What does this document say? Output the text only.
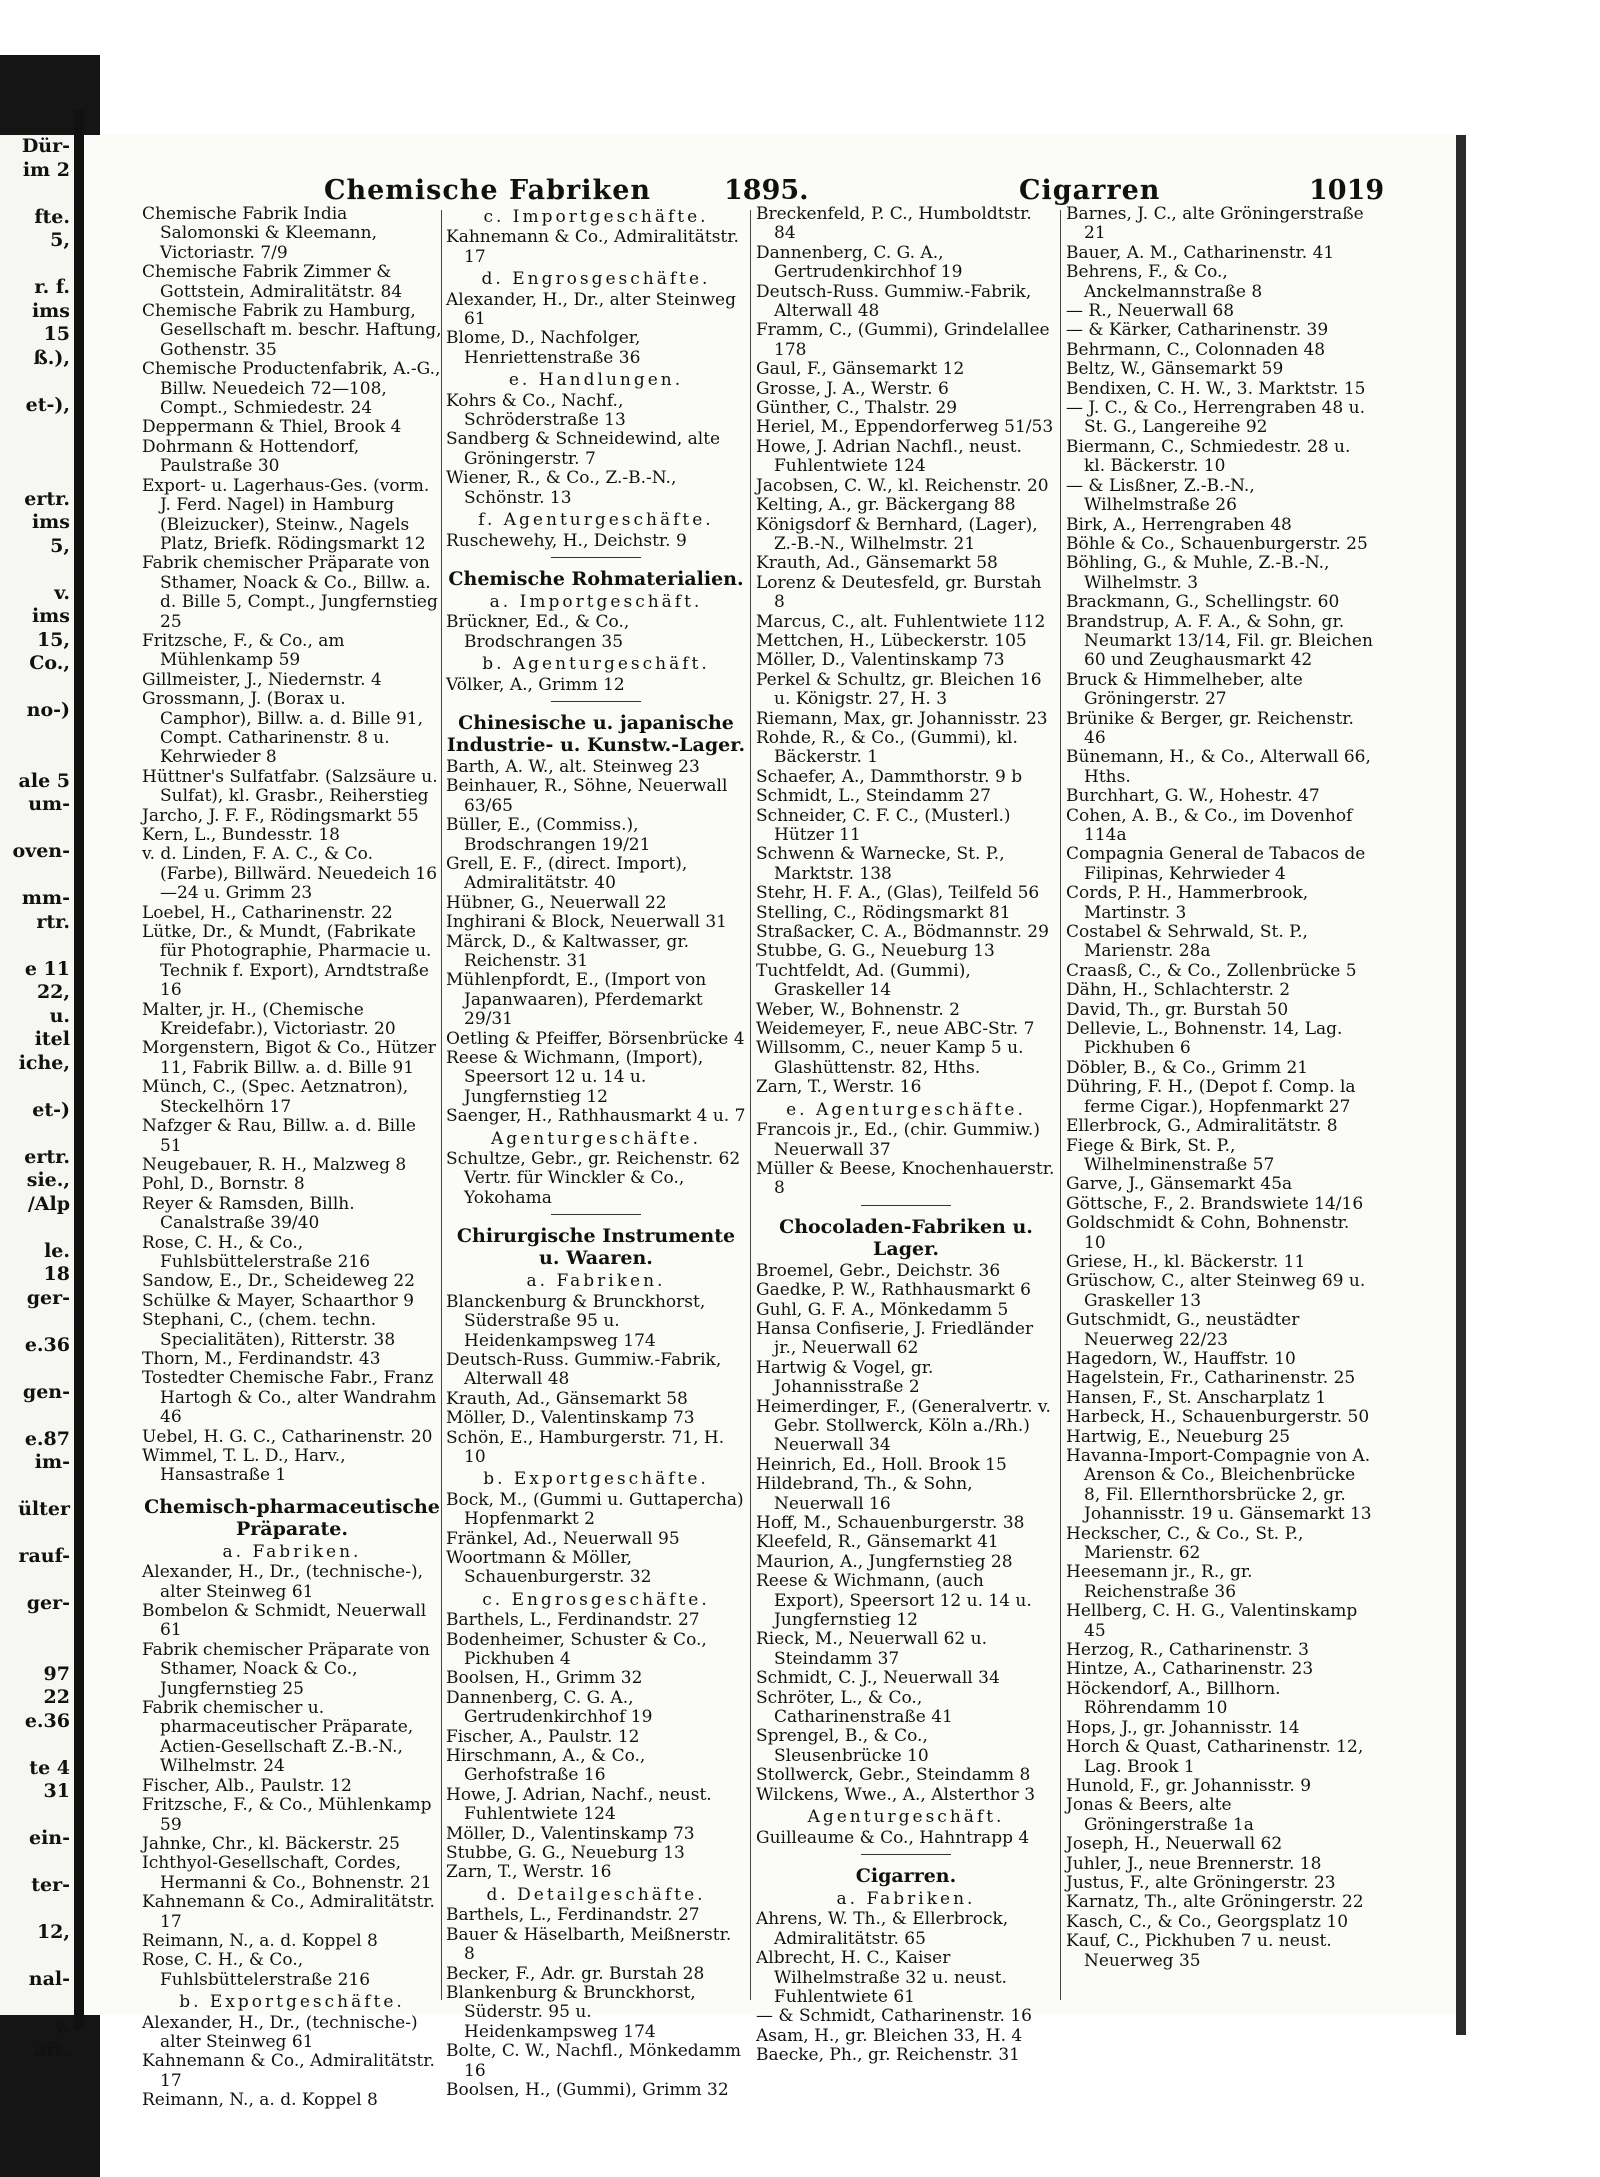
Dür-
im 2

fte.
5,

r. f.
ims
15
ß.),

et-),

ertr.
ims
5,

v.
ims
15,
Co.,

no-)

ale 5
um-

oven-

mm-
rtr.

e 11
22,
u.
itel
iche,

et-)

ertr.
sie.,
/Alp

le.
18
ger-

e.36

gen-

e.87
im-

ülter

rauf-

ger-

97
22
e.36

te 4
31

ein-

ter-

12,

nal-

y.
aft.

Chemische Fabriken	1895.	Cigarren	1019

Chemische Fabrik India Salomonski & Kleemann, Victoriastr. 7/9

Chemische Fabrik Zimmer & Gottstein, Admiralitätstr. 84

Chemische Fabrik zu Hamburg, Gesellschaft m. beschr. Haftung, Gothenstr. 35

Chemische Productenfabrik, A.-G., Billw. Neuedeich 72—108, Compt., Schmiedestr. 24

Deppermann & Thiel, Brook 4

Dohrmann & Hottendorf, Paulstraße 30

Export- u. Lagerhaus-Ges. (vorm. J. Ferd. Nagel) in Hamburg (Bleizucker), Steinw., Nagels Platz, Briefk. Rödingsmarkt 12

Fabrik chemischer Präparate von Sthamer, Noack & Co., Billw. a. d. Bille 5, Compt., Jungfernstieg 25

Fritzsche, F., & Co., am Mühlenkamp 59

Gillmeister, J., Niedernstr. 4

Grossmann, J. (Borax u. Camphor), Billw. a. d. Bille 91, Compt. Catharinenstr. 8 u. Kehrwieder 8

Hüttner's Sulfatfabr. (Salzsäure u. Sulfat), kl. Grasbr., Reiherstieg

Jarcho, J. F. F., Rödingsmarkt 55

Kern, L., Bundesstr. 18

v. d. Linden, F. A. C., & Co. (Farbe), Billwärd. Neuedeich 16—24 u. Grimm 23

Loebel, H., Catharinenstr. 22

Lütke, Dr., & Mundt, (Fabrikate für Photographie, Pharmacie u. Technik f. Export), Arndtstraße 16

Malter, jr. H., (Chemische Kreidefabr.), Victoriastr. 20

Morgenstern, Bigot & Co., Hützer 11, Fabrik Billw. a. d. Bille 91

Münch, C., (Spec. Aetznatron), Steckelhörn 17

Nafzger & Rau, Billw. a. d. Bille 51

Neugebauer, R. H., Malzweg 8

Pohl, D., Bornstr. 8

Reyer & Ramsden, Billh. Canalstraße 39/40

Rose, C. H., & Co., Fuhlsbüttelerstraße 216

Sandow, E., Dr., Scheideweg 22

Schülke & Mayer, Schaarthor 9

Stephani, C., (chem. techn. Specialitäten), Ritterstr. 38

Thorn, M., Ferdinandstr. 43

Tostedter Chemische Fabr., Franz Hartogh & Co., alter Wandrahm 46

Uebel, H. G. C., Catharinenstr. 20

Wimmel, T. L. D., Harv., Hansastraße 1

Chemisch-pharmaceutische Präparate.

a. Fabriken.

Alexander, H., Dr., (technische-), alter Steinweg 61

Bombelon & Schmidt, Neuerwall 61

Fabrik chemischer Präparate von Sthamer, Noack & Co., Jungfernstieg 25

Fabrik chemischer u. pharmaceutischer Präparate, Actien-Gesellschaft Z.-B.-N., Wilhelmstr. 24

Fischer, Alb., Paulstr. 12

Fritzsche, F., & Co., Mühlenkamp 59

Jahnke, Chr., kl. Bäckerstr. 25

Ichthyol-Gesellschaft, Cordes, Hermanni & Co., Bohnenstr. 21

Kahnemann & Co., Admiralitätstr. 17

Reimann, N., a. d. Koppel 8

Rose, C. H., & Co., Fuhlsbüttelerstraße 216

b. Exportgeschäfte.

Alexander, H., Dr., (technische-) alter Steinweg 61

Kahnemann & Co., Admiralitätstr. 17

Reimann, N., a. d. Koppel 8

c. Importgeschäfte.

Kahnemann & Co., Admiralitätstr. 17

d. Engrosgeschäfte.

Alexander, H., Dr., alter Steinweg 61

Blome, D., Nachfolger, Henriettenstraße 36

e. Handlungen.

Kohrs & Co., Nachf., Schröderstraße 13

Sandberg & Schneidewind, alte Gröningerstr. 7

Wiener, R., & Co., Z.-B.-N., Schönstr. 13

f. Agenturgeschäfte.

Ruschewehy, H., Deichstr. 9

Chemische Rohmaterialien.

a. Importgeschäft.

Brückner, Ed., & Co., Brodschrangen 35

b. Agenturgeschäft.

Völker, A., Grimm 12

Chinesische u. japanische Industrie- u. Kunstw.-Lager.

Barth, A. W., alt. Steinweg 23

Beinhauer, R., Söhne, Neuerwall 63/65

Büller, E., (Commiss.), Brodschrangen 19/21

Grell, E. F., (direct. Import), Admiralitätstr. 40

Hübner, G., Neuerwall 22

Inghirani & Block, Neuerwall 31

Märck, D., & Kaltwasser, gr. Reichenstr. 31

Mühlenpfordt, E., (Import von Japanwaaren), Pferdemarkt 29/31

Oetling & Pfeiffer, Börsenbrücke 4

Reese & Wichmann, (Import), Speersort 12 u. 14 u. Jungfernstieg 12

Saenger, H., Rathhausmarkt 4 u. 7

Agenturgeschäfte.

Schultze, Gebr., gr. Reichenstr. 62 Vertr. für Winckler & Co., Yokohama

Chirurgische Instrumente u. Waaren.

a. Fabriken.

Blanckenburg & Brunckhorst, Süderstraße 95 u. Heidenkampsweg 174

Deutsch-Russ. Gummiw.-Fabrik, Alterwall 48

Krauth, Ad., Gänsemarkt 58

Möller, D., Valentinskamp 73

Schön, E., Hamburgerstr. 71, H. 10

b. Exportgeschäfte.

Bock, M., (Gummi u. Guttapercha) Hopfenmarkt 2

Fränkel, Ad., Neuerwall 95

Woortmann & Möller, Schauenburgerstr. 32

c. Engrosgeschäfte.

Barthels, L., Ferdinandstr. 27

Bodenheimer, Schuster & Co., Pickhuben 4

Boolsen, H., Grimm 32

Dannenberg, C. G. A., Gertrudenkirchhof 19

Fischer, A., Paulstr. 12

Hirschmann, A., & Co., Gerhofstraße 16

Howe, J. Adrian, Nachf., neust. Fuhlentwiete 124

Möller, D., Valentinskamp 73

Stubbe, G. G., Neueburg 13

Zarn, T., Werstr. 16

d. Detailgeschäfte.

Barthels, L., Ferdinandstr. 27

Bauer & Häselbarth, Meißnerstr. 8

Becker, F., Adr. gr. Burstah 28

Blankenburg & Brunckhorst, Süderstr. 95 u. Heidenkampsweg 174

Bolte, C. W., Nachfl., Mönkedamm 16

Boolsen, H., (Gummi), Grimm 32

Breckenfeld, P. C., Humboldtstr. 84

Dannenberg, C. G. A., Gertrudenkirchhof 19

Deutsch-Russ. Gummiw.-Fabrik, Alterwall 48

Framm, C., (Gummi), Grindelallee 178

Gaul, F., Gänsemarkt 12

Grosse, J. A., Werstr. 6

Günther, C., Thalstr. 29

Heriel, M., Eppendorferweg 51/53

Howe, J. Adrian Nachfl., neust. Fuhlentwiete 124

Jacobsen, C. W., kl. Reichenstr. 20

Kelting, A., gr. Bäckergang 88

Königsdorf & Bernhard, (Lager), Z.-B.-N., Wilhelmstr. 21

Krauth, Ad., Gänsemarkt 58

Lorenz & Deutesfeld, gr. Burstah 8

Marcus, C., alt. Fuhlentwiete 112

Mettchen, H., Lübeckerstr. 105

Möller, D., Valentinskamp 73

Perkel & Schultz, gr. Bleichen 16 u. Königstr. 27, H. 3

Riemann, Max, gr. Johannisstr. 23

Rohde, R., & Co., (Gummi), kl. Bäckerstr. 1

Schaefer, A., Dammthorstr. 9 b

Schmidt, L., Steindamm 27

Schneider, C. F. C., (Musterl.) Hützer 11

Schwenn & Warnecke, St. P., Marktstr. 138

Stehr, H. F. A., (Glas), Teilfeld 56

Stelling, C., Rödingsmarkt 81

Straßacker, C. A., Bödmannstr. 29

Stubbe, G. G., Neueburg 13

Tuchtfeldt, Ad. (Gummi), Graskeller 14

Weber, W., Bohnenstr. 2

Weidemeyer, F., neue ABC-Str. 7

Willsomm, C., neuer Kamp 5 u. Glashüttenstr. 82, Hths.

Zarn, T., Werstr. 16

e. Agenturgeschäfte.

Francois jr., Ed., (chir. Gummiw.) Neuerwall 37

Müller & Beese, Knochenhauerstr. 8

Chocoladen-Fabriken u. Lager.

Broemel, Gebr., Deichstr. 36

Gaedke, P. W., Rathhausmarkt 6

Guhl, G. F. A., Mönkedamm 5

Hansa Confiserie, J. Friedländer jr., Neuerwall 62

Hartwig & Vogel, gr. Johannisstraße 2

Heimerdinger, F., (Generalvertr. v. Gebr. Stollwerck, Köln a./Rh.) Neuerwall 34

Heinrich, Ed., Holl. Brook 15

Hildebrand, Th., & Sohn, Neuerwall 16

Hoff, M., Schauenburgerstr. 38

Kleefeld, R., Gänsemarkt 41

Maurion, A., Jungfernstieg 28

Reese & Wichmann, (auch Export), Speersort 12 u. 14 u. Jungfernstieg 12

Rieck, M., Neuerwall 62 u. Steindamm 37

Schmidt, C. J., Neuerwall 34

Schröter, L., & Co., Catharinenstraße 41

Sprengel, B., & Co., Sleusenbrücke 10

Stollwerck, Gebr., Steindamm 8

Wilckens, Wwe., A., Alsterthor 3

Agenturgeschäft.

Guilleaume & Co., Hahntrapp 4

Cigarren.

a. Fabriken.

Ahrens, W. Th., & Ellerbrock, Admiralitätstr. 65

Albrecht, H. C., Kaiser Wilhelmstraße 32 u. neust. Fuhlentwiete 61

— & Schmidt, Catharinenstr. 16

Asam, H., gr. Bleichen 33, H. 4

Baecke, Ph., gr. Reichenstr. 31

Barnes, J. C., alte Gröningerstraße 21

Bauer, A. M., Catharinenstr. 41

Behrens, F., & Co., Anckelmannstraße 8

— R., Neuerwall 68

— & Kärker, Catharinenstr. 39

Behrmann, C., Colonnaden 48

Beltz, W., Gänsemarkt 59

Bendixen, C. H. W., 3. Marktstr. 15

— J. C., & Co., Herrengraben 48 u. St. G., Langereihe 92

Biermann, C., Schmiedestr. 28 u. kl. Bäckerstr. 10

— & Lisßner, Z.-B.-N., Wilhelmstraße 26

Birk, A., Herrengraben 48

Böhle & Co., Schauenburgerstr. 25

Böhling, G., & Muhle, Z.-B.-N., Wilhelmstr. 3

Brackmann, G., Schellingstr. 60

Brandstrup, A. F. A., & Sohn, gr. Neumarkt 13/14, Fil. gr. Bleichen 60 und Zeughausmarkt 42

Bruck & Himmelheber, alte Gröningerstr. 27

Brünike & Berger, gr. Reichenstr. 46

Bünemann, H., & Co., Alterwall 66, Hths.

Burchhart, G. W., Hohestr. 47

Cohen, A. B., & Co., im Dovenhof 114a

Compagnia General de Tabacos de Filipinas, Kehrwieder 4

Cords, P. H., Hammerbrook, Martinstr. 3

Costabel & Sehrwald, St. P., Marienstr. 28a

Craasß, C., & Co., Zollenbrücke 5

Dähn, H., Schlachterstr. 2

David, Th., gr. Burstah 50

Dellevie, L., Bohnenstr. 14, Lag. Pickhuben 6

Döbler, B., & Co., Grimm 21

Dühring, F. H., (Depot f. Comp. la ferme Cigar.), Hopfenmarkt 27

Ellerbrock, G., Admiralitätstr. 8

Fiege & Birk, St. P., Wilhelminenstraße 57

Garve, J., Gänsemarkt 45a

Göttsche, F., 2. Brandswiete 14/16

Goldschmidt & Cohn, Bohnenstr. 10

Griese, H., kl. Bäckerstr. 11

Grüschow, C., alter Steinweg 69 u. Graskeller 13

Gutschmidt, G., neustädter Neuerweg 22/23

Hagedorn, W., Hauffstr. 10

Hagelstein, Fr., Catharinenstr. 25

Hansen, F., St. Anscharplatz 1

Harbeck, H., Schauenburgerstr. 50

Hartwig, E., Neueburg 25

Havanna-Import-Compagnie von A. Arenson & Co., Bleichenbrücke 8, Fil. Ellernthorsbrücke 2, gr. Johannisstr. 19 u. Gänsemarkt 13

Heckscher, C., & Co., St. P., Marienstr. 62

Heesemann jr., R., gr. Reichenstraße 36

Hellberg, C. H. G., Valentinskamp 45

Herzog, R., Catharinenstr. 3

Hintze, A., Catharinenstr. 23

Höckendorf, A., Billhorn. Röhrendamm 10

Hops, J., gr. Johannisstr. 14

Horch & Quast, Catharinenstr. 12, Lag. Brook 1

Hunold, F., gr. Johannisstr. 9

Jonas & Beers, alte Gröningerstraße 1a

Joseph, H., Neuerwall 62

Juhler, J., neue Brennerstr. 18

Justus, F., alte Gröningerstr. 23

Karnatz, Th., alte Gröningerstr. 22

Kasch, C., & Co., Georgsplatz 10

Kauf, C., Pickhuben 7 u. neust. Neuerweg 35
